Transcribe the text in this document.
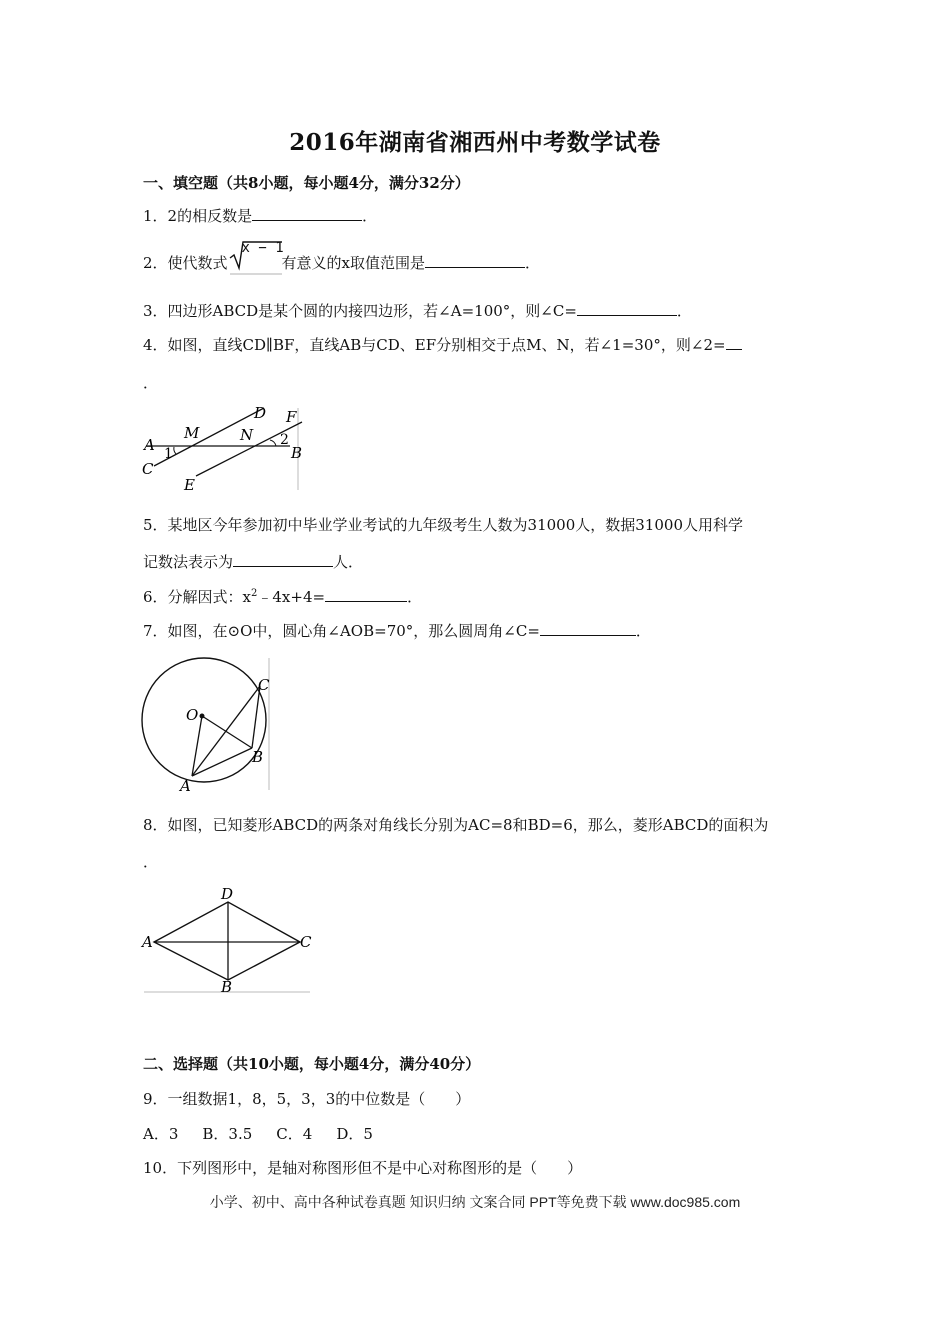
2016年湖南省湘西州中考数学试卷
一、填空题（共8小题，每小题4分，满分32分）
1．2的相反数是	．
2．使代数式
x − 1
有意义的x取值范围是	．
3．四边形ABCD是某个圆的内接四边形，若∠A=100°，则∠C=	．
4．如图，直线CD∥BF，直线AB与CD、EF分别相交于点M、N，若∠1=30°，则∠2=
．
A	B
C
D
E
F
M	N
1
2
5．某地区今年参加初中毕业学业考试的九年级考生人数为31000人，数据31000人用科学
记数法表示为	人．
6．分解因式：$x^2﹣4x+4=$	．
7．如图，在⊙O中，圆心角∠AOB=70°，那么圆周角∠C=	．
O
A
B
C
8．如图，已知菱形ABCD的两条对角线长分别为AC=8和BD=6，那么，菱形ABCD的面积为
．
A
B
C
D
二、选择题（共10小题，每小题4分，满分40分）
9．一组数据1，8，5，3，3的中位数是（　　）
A．3 B．3.5 C．4 D．5
10．下列图形中，是轴对称图形但不是中心对称图形的是（　　）
小学、初中、高中各种试卷真题 知识归纳 文案合同 PPT等免费下载 www.doc985.com
